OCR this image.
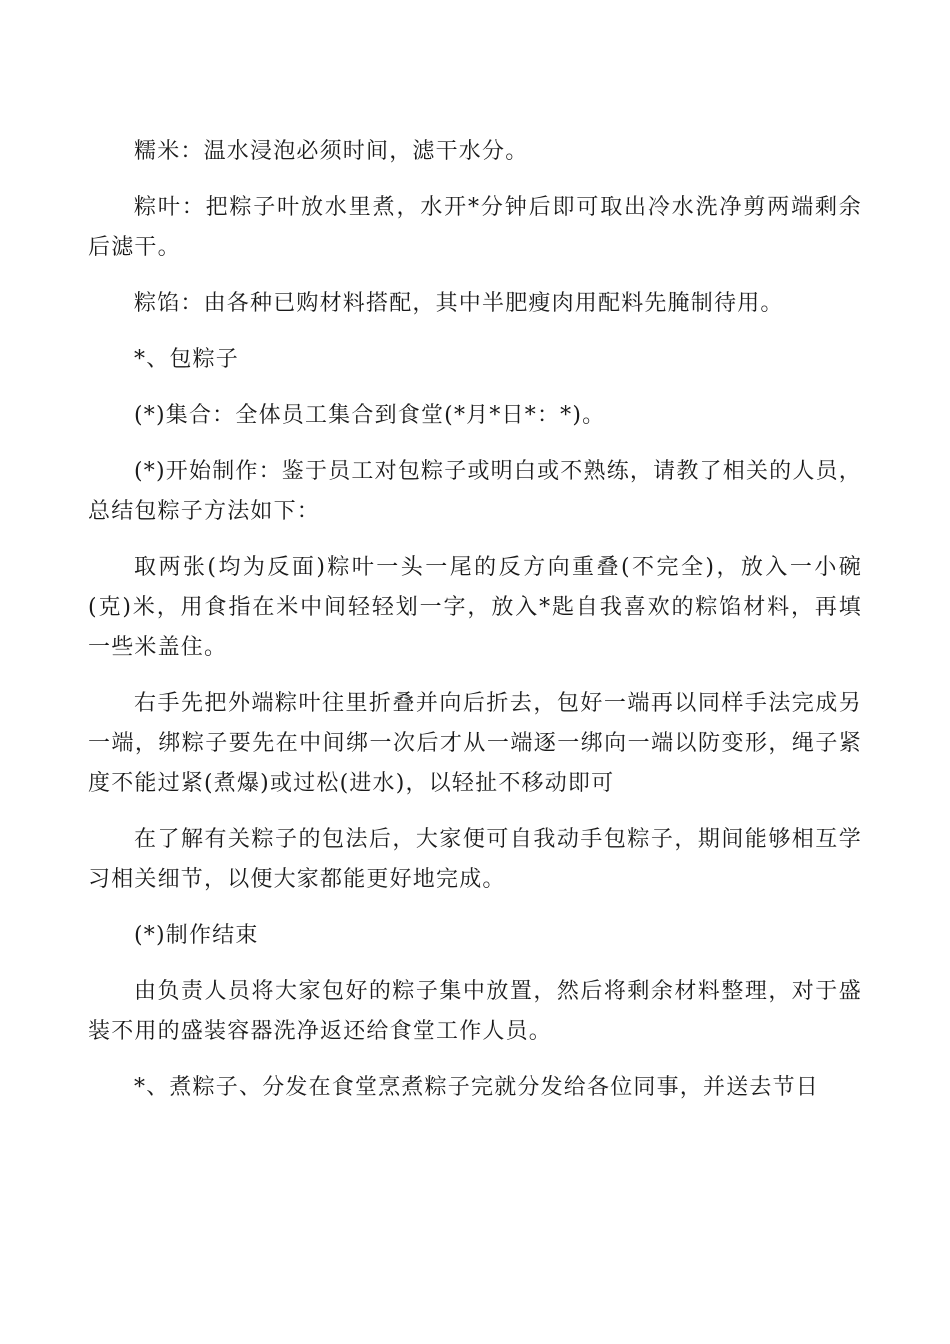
糯米：温水浸泡必须时间，滤干水分。

粽叶：把粽子叶放水里煮，水开*分钟后即可取出冷水洗净剪两端剩余后滤干。

粽馅：由各种已购材料搭配，其中半肥瘦肉用配料先腌制待用。

*、包粽子

(*)集合：全体员工集合到食堂(*月*日*：*)。

(*)开始制作：鉴于员工对包粽子或明白或不熟练，请教了相关的人员，总结包粽子方法如下：

取两张(均为反面)粽叶一头一尾的反方向重叠(不完全)，放入一小碗(克)米，用食指在米中间轻轻划一字，放入*匙自我喜欢的粽馅材料，再填一些米盖住。

右手先把外端粽叶往里折叠并向后折去，包好一端再以同样手法完成另一端，绑粽子要先在中间绑一次后才从一端逐一绑向一端以防变形，绳子紧度不能过紧(煮爆)或过松(进水)，以轻扯不移动即可

在了解有关粽子的包法后，大家便可自我动手包粽子，期间能够相互学习相关细节，以便大家都能更好地完成。

(*)制作结束

由负责人员将大家包好的粽子集中放置，然后将剩余材料整理，对于盛装不用的盛装容器洗净返还给食堂工作人员。

*、煮粽子、分发在食堂烹煮粽子完就分发给各位同事，并送去节日
